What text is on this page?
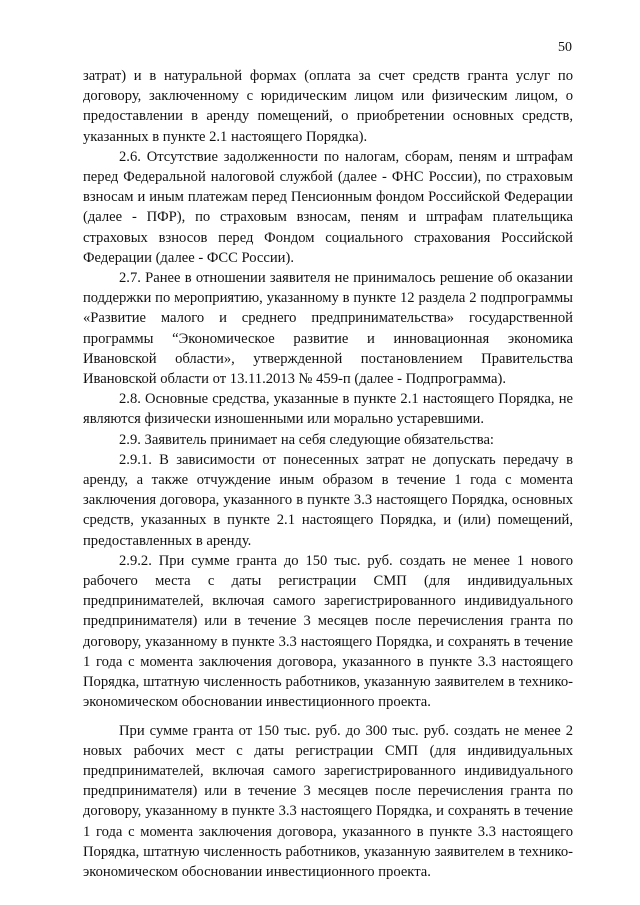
50

затрат) и в натуральной формах (оплата за счет средств гранта услуг по договору, заключенному с юридическим лицом или физическим лицом, о предоставлении в аренду помещений, о приобретении основных средств, указанных в пункте 2.1 настоящего Порядка).

2.6. Отсутствие задолженности по налогам, сборам, пеням и штрафам перед Федеральной налоговой службой (далее - ФНС России), по страховым взносам и иным платежам перед Пенсионным фондом Российской Федерации (далее - ПФР), по страховым взносам, пеням и штрафам плательщика страховых взносов перед Фондом социального страхования Российской Федерации (далее - ФСС России).

2.7. Ранее в отношении заявителя не принималось решение об оказании поддержки по мероприятию, указанному в пункте 12 раздела 2 подпрограммы «Развитие малого и среднего предпринимательства» государственной программы “Экономическое развитие и инновационная экономика Ивановской области», утвержденной постановлением Правительства Ивановской области от 13.11.2013 № 459-п (далее - Подпрограмма).

2.8. Основные средства, указанные в пункте 2.1 настоящего Порядка, не являются физически изношенными или морально устаревшими.

2.9. Заявитель принимает на себя следующие обязательства:

2.9.1. В зависимости от понесенных затрат не допускать передачу в аренду, а также отчуждение иным образом в течение 1 года с момента заключения договора, указанного в пункте 3.3 настоящего Порядка, основных средств, указанных в пункте 2.1 настоящего Порядка, и (или) помещений, предоставленных в аренду.

2.9.2. При сумме гранта до 150 тыс. руб. создать не менее 1 нового рабочего места с даты регистрации СМП (для индивидуальных предпринимателей, включая самого зарегистрированного индивидуального предпринимателя) или в течение 3 месяцев после перечисления гранта по договору, указанному в пункте 3.3 настоящего Порядка, и сохранять в течение 1 года с момента заключения договора, указанного в пункте 3.3 настоящего Порядка, штатную численность работников, указанную заявителем в технико-экономическом обосновании инвестиционного проекта.

При сумме гранта от 150 тыс. руб. до 300 тыс. руб. создать не менее 2 новых рабочих мест с даты регистрации СМП (для индивидуальных предпринимателей, включая самого зарегистрированного индивидуального предпринимателя) или в течение 3 месяцев после перечисления гранта по договору, указанному в пункте 3.3 настоящего Порядка, и сохранять в течение 1 года с момента заключения договора, указанного в пункте 3.3 настоящего Порядка, штатную численность работников, указанную заявителем в технико-экономическом обосновании инвестиционного проекта.
